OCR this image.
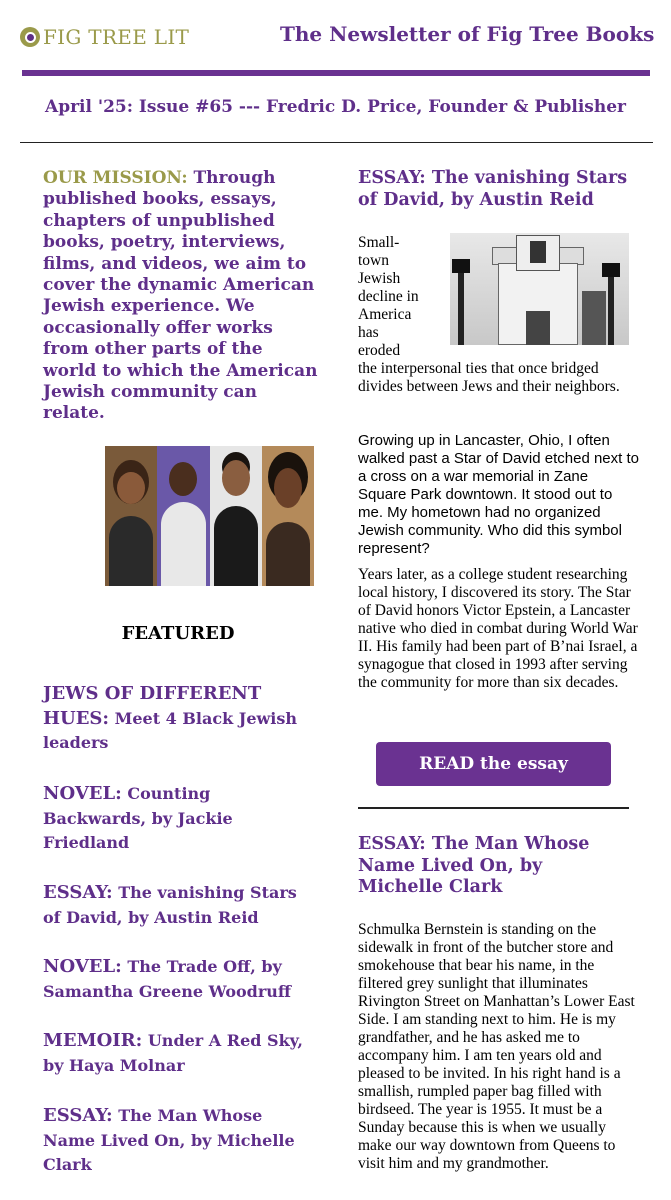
FIG TREE LIT	The Newsletter of Fig Tree Books
April '25: Issue #65 --- Fredric D. Price, Founder & Publisher
OUR MISSION: Through published books, essays, chapters of unpublished books, poetry, interviews, films, and videos, we aim to cover the dynamic American Jewish experience. We occasionally offer works from other parts of the world to which the American Jewish community can relate.
FEATURED
JEWS OF DIFFERENT HUES: Meet 4 Black Jewish leaders
NOVEL: Counting Backwards, by Jackie Friedland
ESSAY: The vanishing Stars of David, by Austin Reid
NOVEL: The Trade Off, by Samantha Greene Woodruff
MEMOIR: Under A Red Sky, by Haya Molnar
ESSAY: The Man Whose Name Lived On, by Michelle Clark
ESSAY: The vanishing Stars of David, by Austin Reid
Small-
town
Jewish
decline in
America
has
eroded
the interpersonal ties that once bridged divides between Jews and their neighbors.
Growing up in Lancaster, Ohio, I often walked past a Star of David etched next to a cross on a war memorial in Zane Square Park downtown. It stood out to me. My hometown had no organized Jewish community. Who did this symbol represent?
Years later, as a college student researching local history, I discovered its story. The Star of David honors Victor Epstein, a Lancaster native who died in combat during World War II. His family had been part of B’nai Israel, a synagogue that closed in 1993 after serving the community for more than six decades.
READ the essay
ESSAY: The Man Whose Name Lived On, by Michelle Clark
Schmulka Bernstein is standing on the sidewalk in front of the butcher store and smokehouse that bear his name, in the filtered grey sunlight that illuminates Rivington Street on Manhattan’s Lower East Side. I am standing next to him. He is my grandfather, and he has asked me to accompany him. I am ten years old and pleased to be invited. In his right hand is a smallish, rumpled paper bag filled with birdseed. The year is 1955. It must be a Sunday because this is when we usually make our way downtown from Queens to visit him and my grandmother.
